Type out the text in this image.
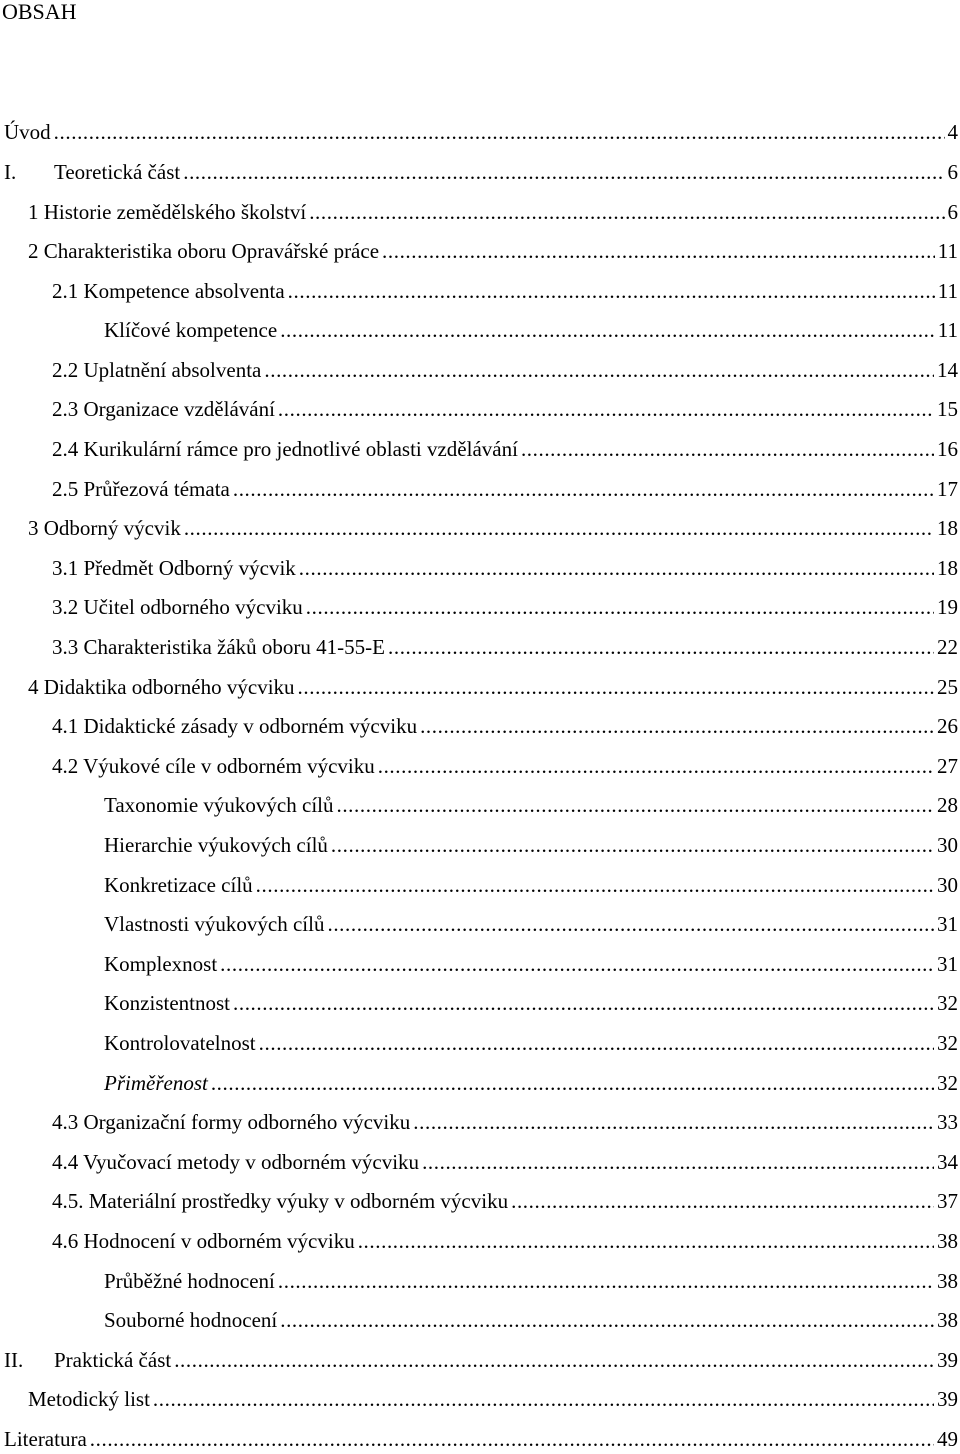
OBSAH
Úvod .....	4
I.	Teoretická část .....	6
1 Historie zemědělského školství .....	6
2 Charakteristika oboru Opravářské práce .....	11
2.1 Kompetence absolventa .....	11
Klíčové kompetence .....	11
2.2 Uplatnění absolventa .....	14
2.3 Organizace vzdělávání .....	15
2.4 Kurikulární rámce pro jednotlivé oblasti vzdělávání .....	16
2.5 Průřezová témata .....	17
3 Odborný výcvik .....	18
3.1 Předmět Odborný výcvik .....	18
3.2 Učitel odborného výcviku .....	19
3.3 Charakteristika žáků oboru 41-55-E .....	22
4 Didaktika odborného výcviku .....	25
4.1 Didaktické zásady v odborném výcviku .....	26
4.2 Výukové cíle v odborném výcviku .....	27
Taxonomie výukových cílů .....	28
Hierarchie výukových cílů .....	30
Konkretizace cílů .....	30
Vlastnosti výukových cílů .....	31
Komplexnost .....	31
Konzistentnost .....	32
Kontrolovatelnost .....	32
Přiměřenost .....	32
4.3 Organizační formy odborného výcviku .....	33
4.4 Vyučovací metody v odborném výcviku .....	34
4.5. Materiální prostředky výuky v odborném výcviku .....	37
4.6 Hodnocení v odborném výcviku .....	38
Průběžné hodnocení .....	38
Souborné hodnocení .....	38
II.	Praktická část .....	39
Metodický list .....	39
Literatura .....	49
